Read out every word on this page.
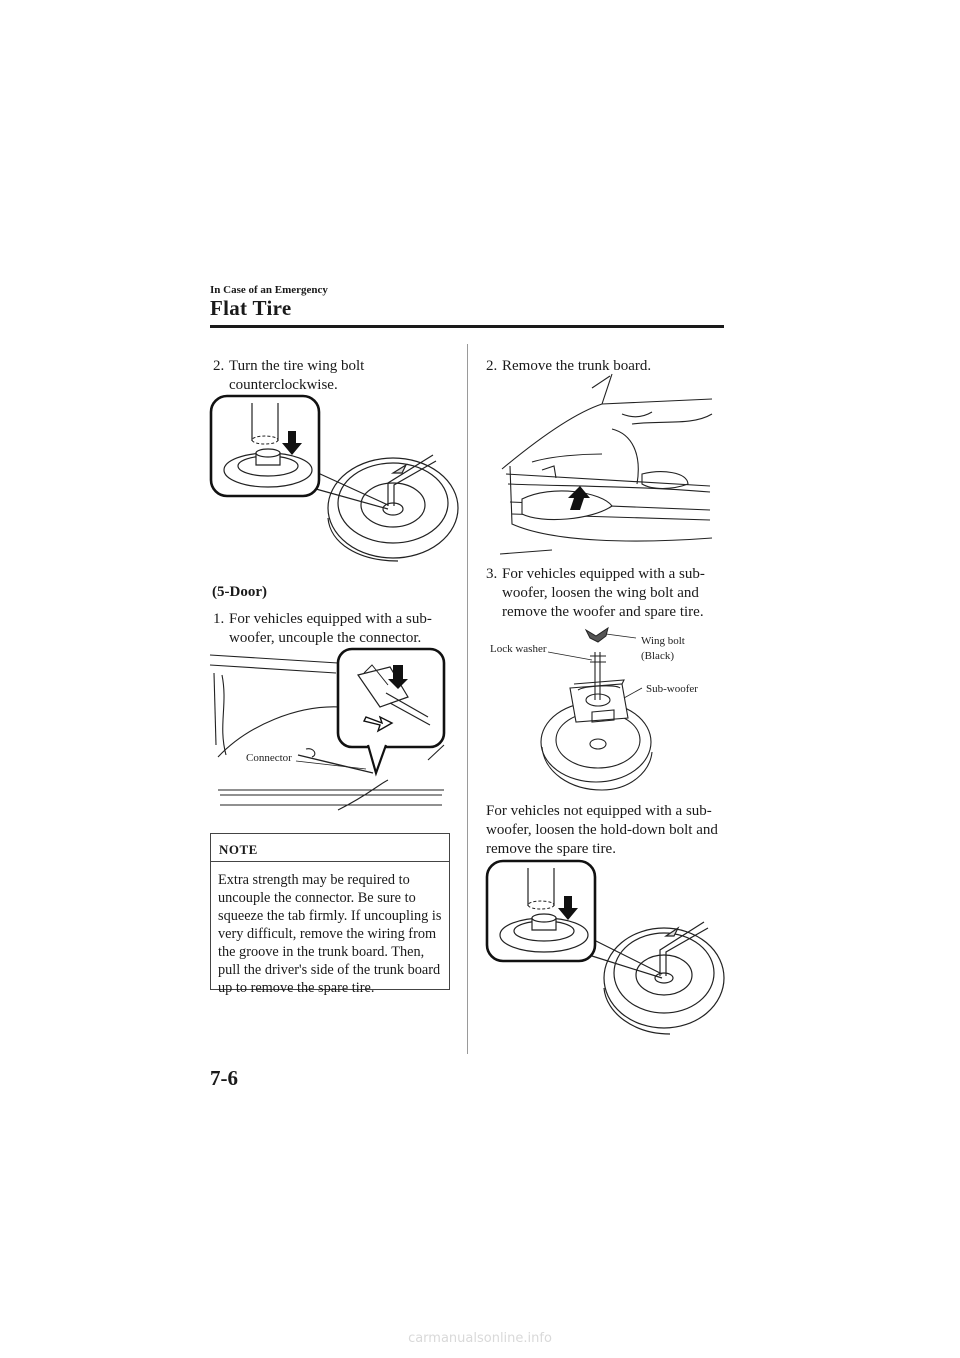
In Case of an Emergency
Flat Tire
2. Turn the tire wing bolt counterclockwise.
(5-Door)
1. For vehicles equipped with a sub-woofer, uncouple the connector.
Connector
NOTE
Extra strength may be required to uncouple the connector. Be sure to squeeze the tab firmly. If uncoupling is very difficult, remove the wiring from the groove in the trunk board. Then, pull the driver's side of the trunk board up to remove the spare tire.
2. Remove the trunk board.
3. For vehicles equipped with a sub-woofer, loosen the wing bolt and remove the woofer and spare tire.
Lock washer
Wing bolt
(Black)
Sub-woofer
For vehicles not equipped with a sub-woofer, loosen the hold-down bolt and remove the spare tire.
7-6
carmanualsonline.info
